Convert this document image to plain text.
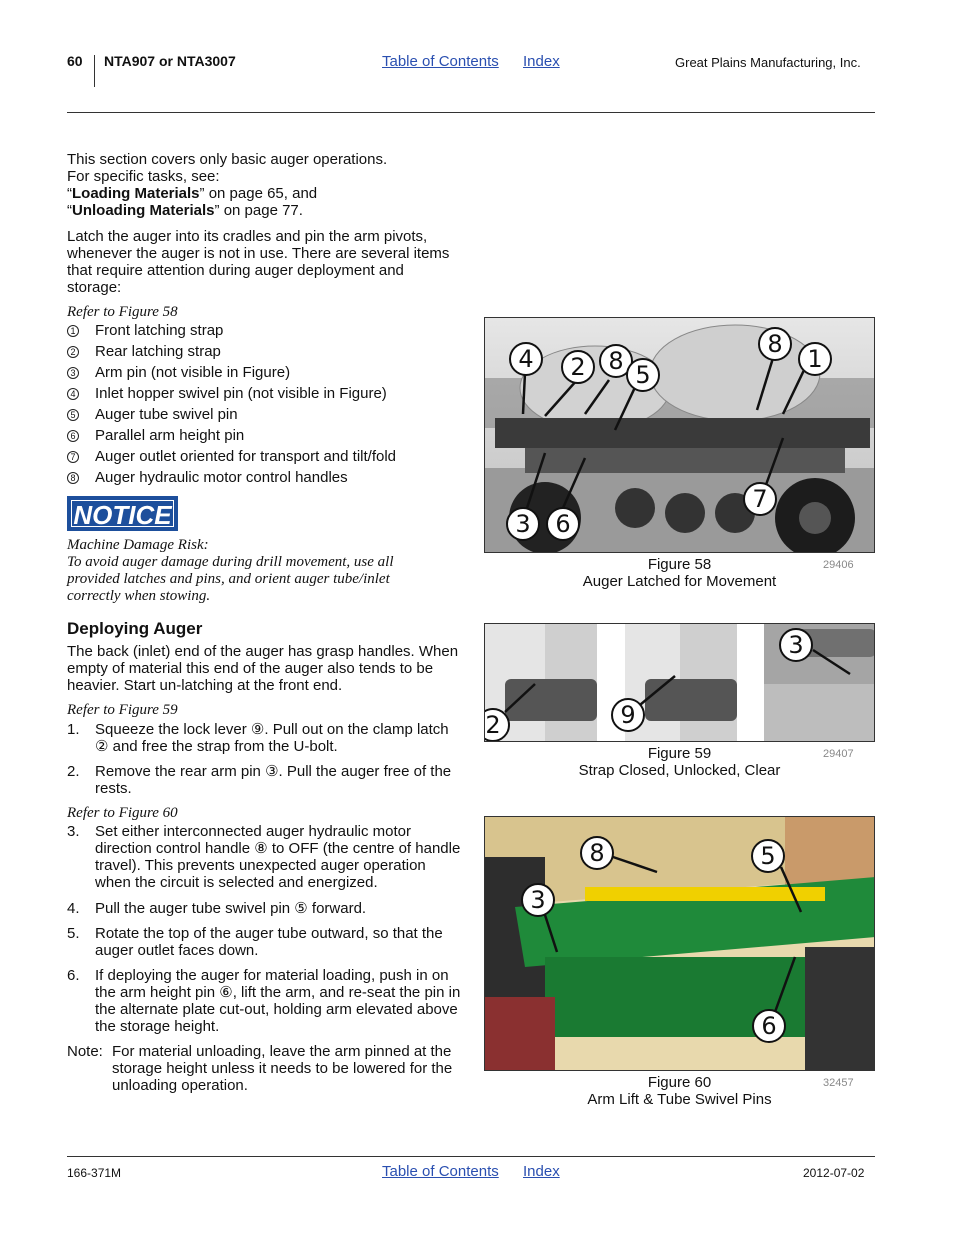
60 NTA907 or NTA3007	Table of Contents Index	Great Plains Manufacturing, Inc.
This section covers only basic auger operations.
For specific tasks, see:
“Loading Materials” on page 65, and
“Unloading Materials” on page 77.
Latch the auger into its cradles and pin the arm pivots, whenever the auger is not in use. There are several items that require attention during auger deployment and storage:
Refer to Figure 58
1 Front latching strap
2 Rear latching strap
3 Arm pin (not visible in Figure)
4 Inlet hopper swivel pin (not visible in Figure)
5 Auger tube swivel pin
6 Parallel arm height pin
7 Auger outlet oriented for transport and tilt/fold
8 Auger hydraulic motor control handles
NOTICE
Machine Damage Risk:
To avoid auger damage during drill movement, use all provided latches and pins, and orient auger tube/inlet correctly when stowing.
Deploying Auger
The back (inlet) end of the auger has grasp handles. When empty of material this end of the auger also tends to be heavier. Start un-latching at the front end.
Refer to Figure 59
1. Squeeze the lock lever ⑨. Pull out on the clamp latch ② and free the strap from the U-bolt.
2. Remove the rear arm pin ③. Pull the auger free of the rests.
Refer to Figure 60
3. Set either interconnected auger hydraulic motor direction control handle ⑧ to OFF (the centre of handle travel). This prevents unexpected auger operation when the circuit is selected and energized.
4. Pull the auger tube swivel pin ⑤ forward.
5. Rotate the top of the auger tube outward, so that the auger outlet faces down.
6. If deploying the auger for material loading, push in on the arm height pin ⑥, lift the arm, and re-seat the pin in the alternate plate cut-out, holding arm elevated above the storage height.
Note: For material unloading, leave the arm pinned at the storage height unless it needs to be lowered for the unloading operation.
4	2 8 5
8
1
7
3	6
Figure 58
Auger Latched for Movement
29406
2	9
3
Figure 59
Strap Closed, Unlocked, Clear
29407
8	5
3
6
Figure 60
Arm Lift & Tube Swivel Pins
32457
166-371M	Table of Contents Index	2012-07-02
